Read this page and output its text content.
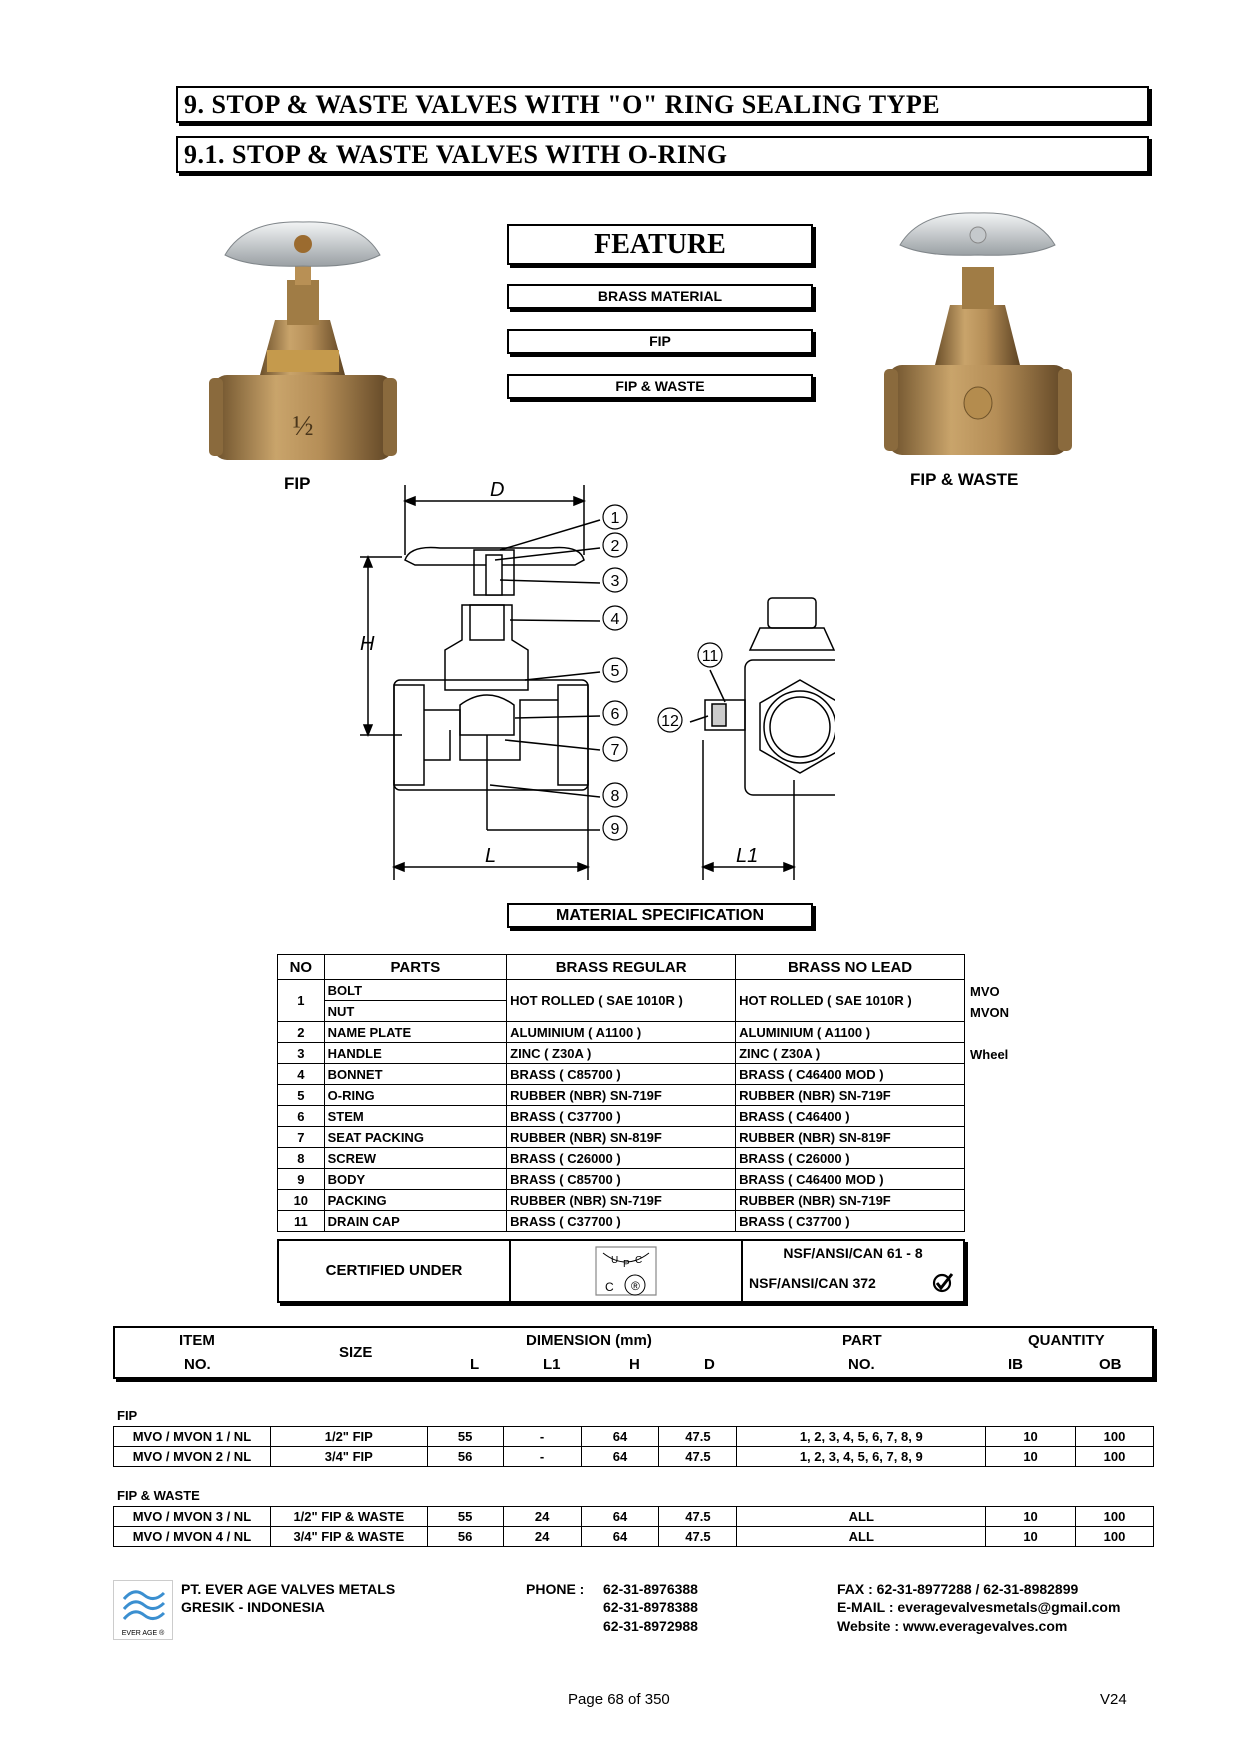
9. STOP & WASTE VALVES WITH "O" RING SEALING TYPE
9.1. STOP & WASTE VALVES WITH O-RING
½
FIP	FIP & WASTE
FEATURE
BRASS MATERIAL
FIP
FIP & WASTE
D
H
L	L1
1
2
3
4
5
6
7
8
9
11
12
MATERIAL SPECIFICATION
NO	PARTS	BRASS REGULAR	BRASS NO LEAD
1	BOLT	HOT ROLLED ( SAE 1010R )	HOT ROLLED ( SAE 1010R )
	NUT		
2	NAME PLATE	ALUMINIUM ( A1100 )	ALUMINIUM ( A1100 )
3	HANDLE	ZINC ( Z30A )	ZINC ( Z30A )
4	BONNET	BRASS ( C85700 )	BRASS ( C46400 MOD )
5	O-RING	RUBBER (NBR) SN-719F	RUBBER (NBR) SN-719F
6	STEM	BRASS ( C37700 )	BRASS ( C46400 )
7	SEAT PACKING	RUBBER (NBR) SN-819F	RUBBER (NBR) SN-819F
8	SCREW	BRASS ( C26000 )	BRASS ( C26000 )
9	BODY	BRASS ( C85700 )	BRASS ( C46400 MOD )
10	PACKING	RUBBER (NBR) SN-719F	RUBBER (NBR) SN-719F
11	DRAIN CAP	BRASS ( C37700 )	BRASS ( C37700 )
MVO
MVON
Wheel
CERTIFIED UNDER
U P C
C ®
NSF/ANSI/CAN 61 - 8
NSF/ANSI/CAN 372
ITEM
NO.
SIZE
DIMENSION (mm)
L	L1	H	D
PART
NO.
QUANTITY
IB	OB
FIP
MVO / MVON 1 / NL	1/2" FIP	55	-	64	47.5	1, 2, 3, 4, 5, 6, 7, 8, 9	10	100
MVO / MVON 2 / NL	3/4" FIP	56	-	64	47.5	1, 2, 3, 4, 5, 6, 7, 8, 9	10	100
FIP & WASTE
MVO / MVON 3 / NL	1/2" FIP & WASTE	55	24	64	47.5	ALL	10	100
MVO / MVON 4 / NL	3/4" FIP & WASTE	56	24	64	47.5	ALL	10	100
EVER AGE ®
PT. EVER AGE VALVES METALS
GRESIK - INDONESIA
PHONE : 62-31-8976388
62-31-8978388
62-31-8972988
FAX : 62-31-8977288 / 62-31-8982899
E-MAIL : everagevalvesmetals@gmail.com
Website : www.everagevalves.com
Page 68 of 350	V24
